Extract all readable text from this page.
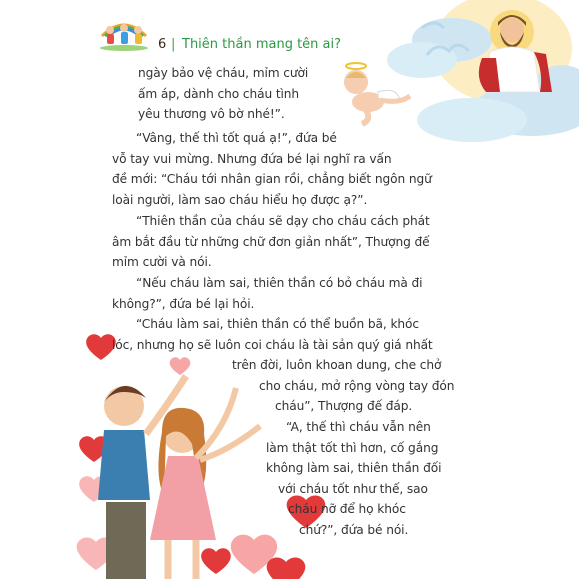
6 | Thiên thần mang tên ai?
ngày bảo vệ cháu, mỉm cười
ấm áp, dành cho cháu tình
yêu thương vô bờ nhé!”.
“Vâng, thế thì tốt quá ạ!”, đứa bé
vỗ tay vui mừng. Nhưng đứa bé lại nghĩ ra vấn
đề mới: “Cháu tới nhân gian rồi, chẳng biết ngôn ngữ
loài người, làm sao cháu hiểu họ được ạ?”.
“Thiên thần của cháu sẽ dạy cho cháu cách phát
âm bắt đầu từ những chữ đơn giản nhất”, Thượng đế
mỉm cười và nói.
“Nếu cháu làm sai, thiên thần có bỏ cháu mà đi
không?”, đứa bé lại hỏi.
“Cháu làm sai, thiên thần có thể buồn bã, khóc
lóc, nhưng họ sẽ luôn coi cháu là tài sản quý giá nhất
trên đời, luôn khoan dung, che chở
cho cháu, mở rộng vòng tay đón
cháu”, Thượng đế đáp.
“A, thế thì cháu vẫn nên
làm thật tốt thì hơn, cố gắng
không làm sai, thiên thần đối
với cháu tốt như thế, sao
cháu nỡ để họ khóc
chứ?”, đứa bé nói.
